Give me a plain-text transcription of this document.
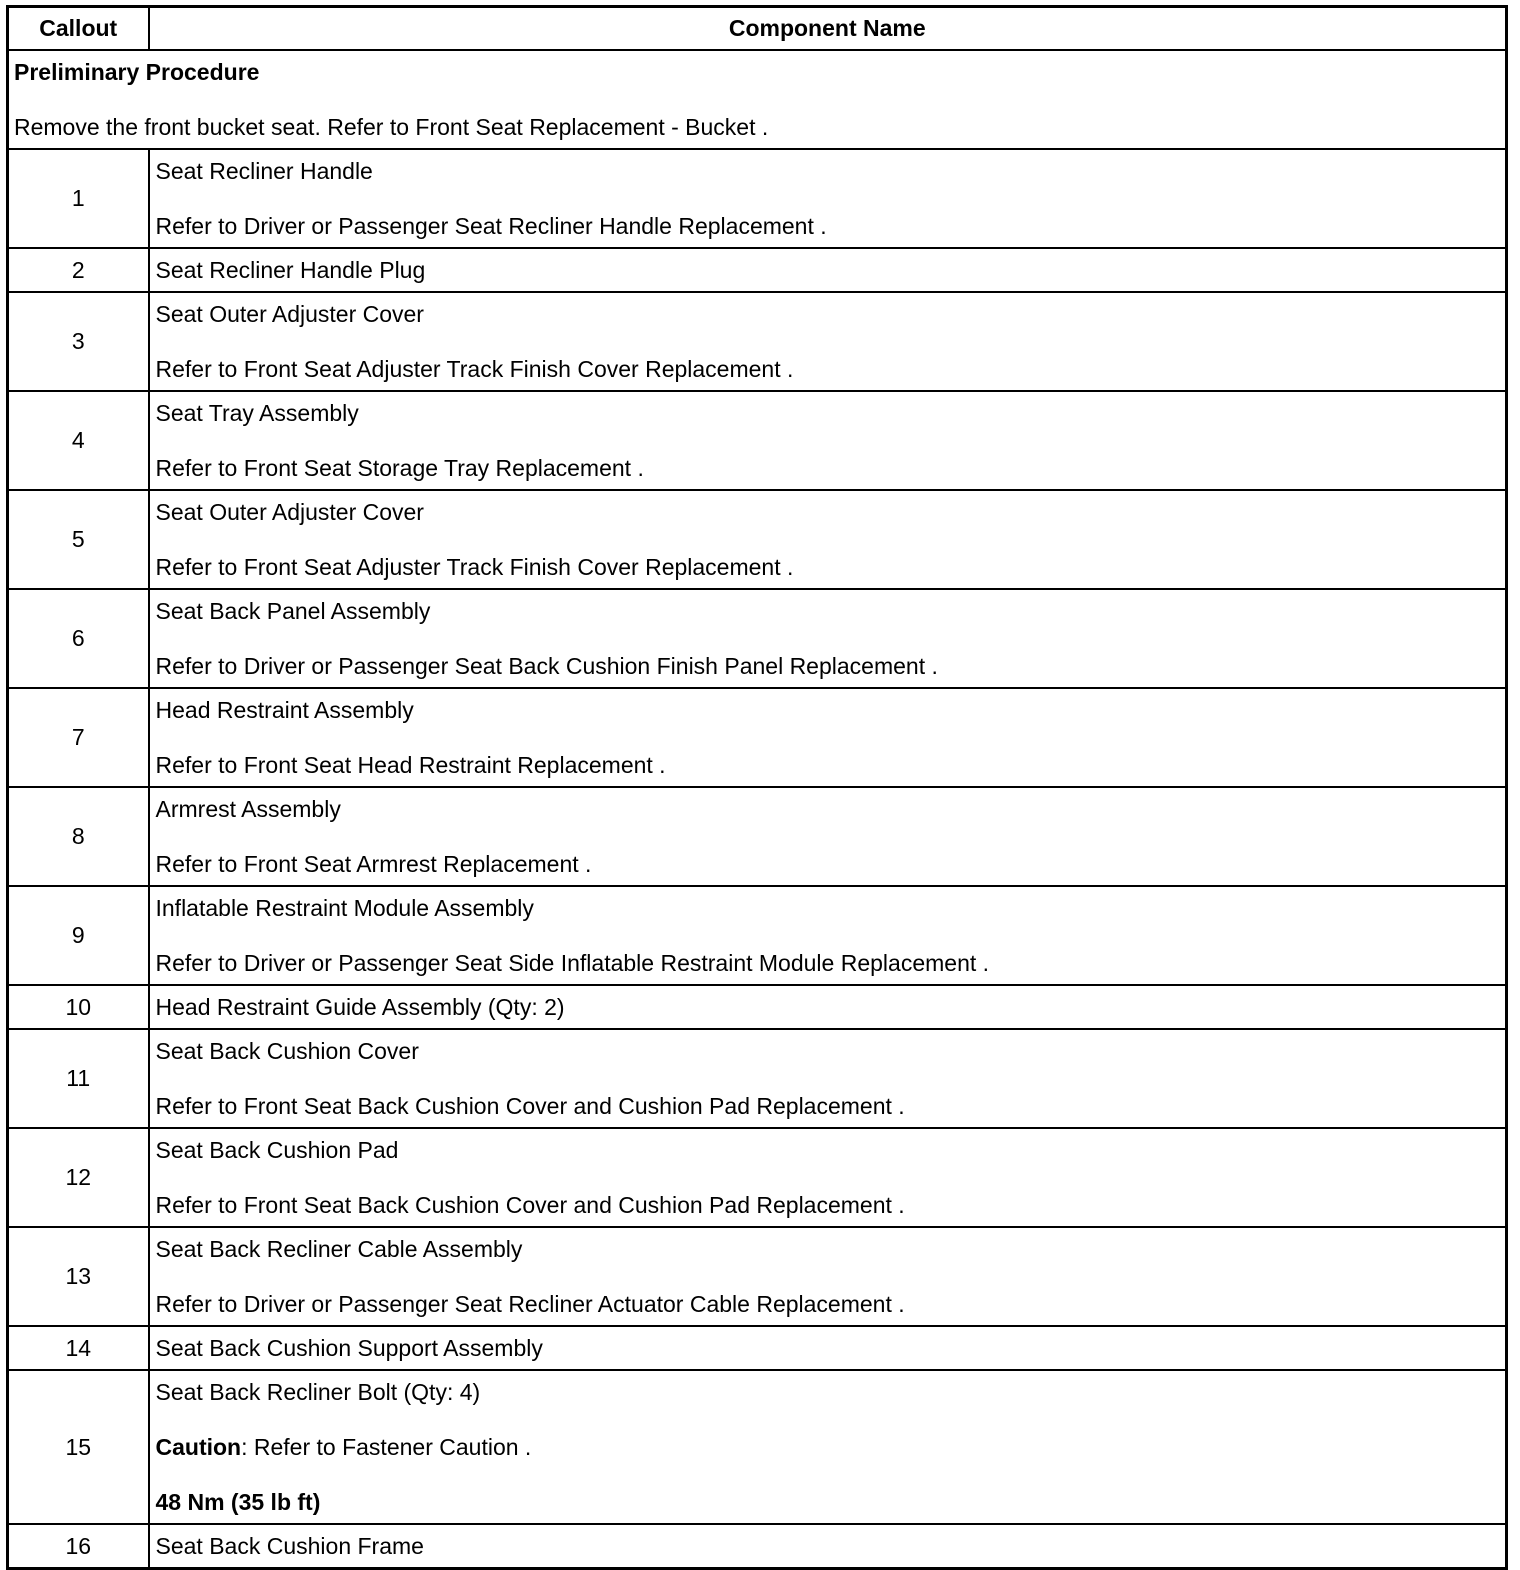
Callout	Component Name

Preliminary Procedure
Remove the front bucket seat. Refer to Front Seat Replacement - Bucket .	

1	Seat Recliner Handle
Refer to Driver or Passenger Seat Recliner Handle Replacement .

2	Seat Recliner Handle Plug

3	Seat Outer Adjuster Cover
Refer to Front Seat Adjuster Track Finish Cover Replacement .

4	Seat Tray Assembly
Refer to Front Seat Storage Tray Replacement .

5	Seat Outer Adjuster Cover
Refer to Front Seat Adjuster Track Finish Cover Replacement .

6	Seat Back Panel Assembly
Refer to Driver or Passenger Seat Back Cushion Finish Panel Replacement .

7	Head Restraint Assembly
Refer to Front Seat Head Restraint Replacement .

8	Armrest Assembly
Refer to Front Seat Armrest Replacement .

9	Inflatable Restraint Module Assembly
Refer to Driver or Passenger Seat Side Inflatable Restraint Module Replacement .

10	Head Restraint Guide Assembly (Qty: 2)

11	Seat Back Cushion Cover
Refer to Front Seat Back Cushion Cover and Cushion Pad Replacement .

12	Seat Back Cushion Pad
Refer to Front Seat Back Cushion Cover and Cushion Pad Replacement .

13	Seat Back Recliner Cable Assembly
Refer to Driver or Passenger Seat Recliner Actuator Cable Replacement .

14	Seat Back Cushion Support Assembly

15	Seat Back Recliner Bolt (Qty: 4)
Caution: Refer to Fastener Caution .
48 Nm (35 lb ft)

16	Seat Back Cushion Frame
